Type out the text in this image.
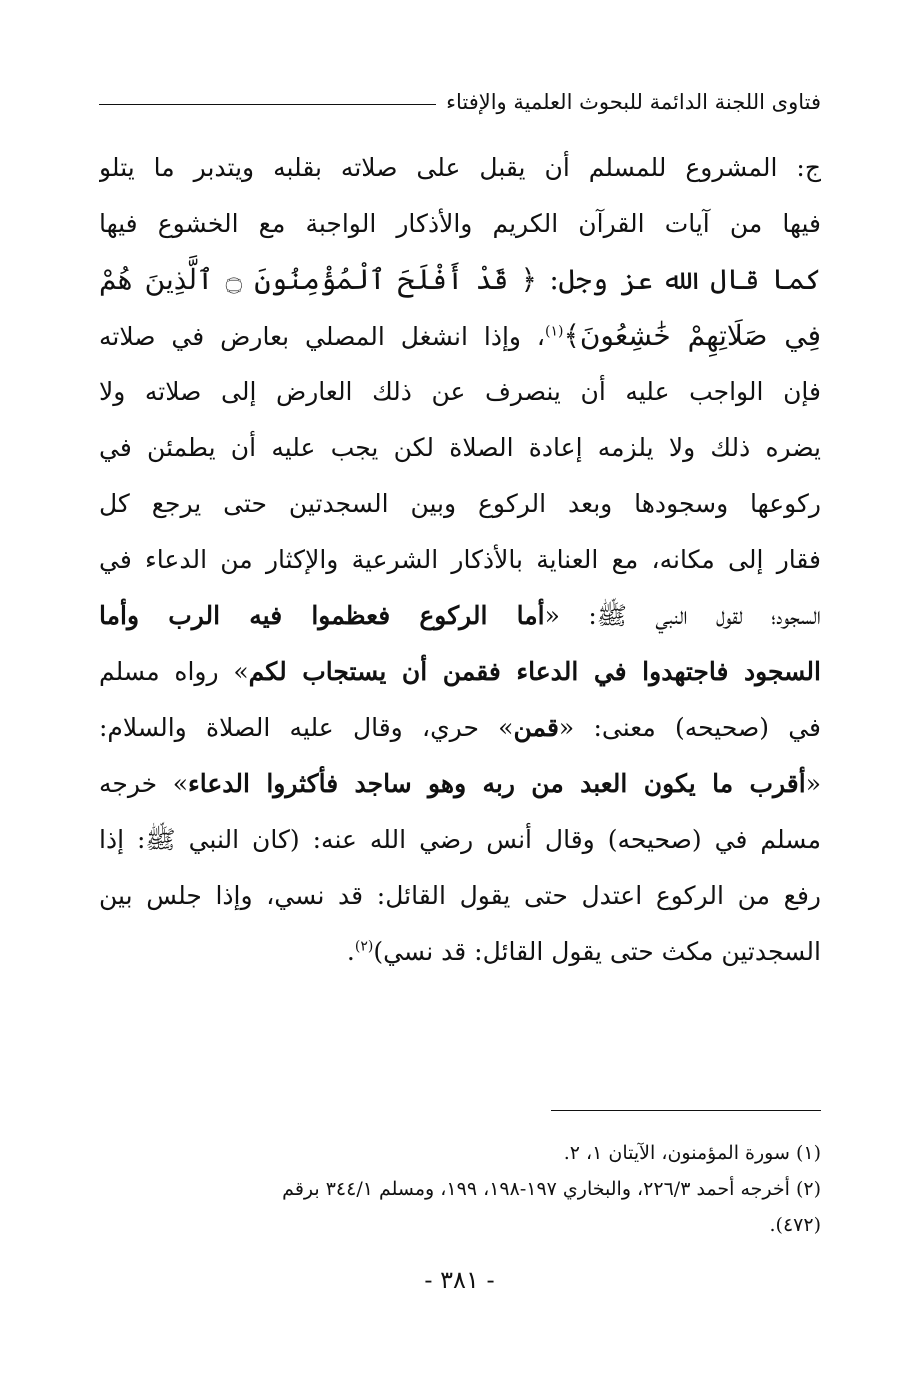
فتاوى اللجنة الدائمة للبحوث العلمية والإفتاء
ج: المشروع للمسلم أن يقبل على صلاته بقلبه ويتدبر ما يتلو
فيها من آيات القرآن الكريم والأذكار الواجبة مع الخشوع فيها
كما قال الله عز وجل: ﴿ قَدْ أَفْلَحَ ٱلْمُؤْمِنُونَ ۝ ٱلَّذِينَ هُمْ
فِي صَلَاتِهِمْ خَٰشِعُونَ﴾$^{(١)}$، وإذا انشغل المصلي بعارض في صلاته
فإن الواجب عليه أن ينصرف عن ذلك العارض إلى صلاته ولا
يضره ذلك ولا يلزمه إعادة الصلاة لكن يجب عليه أن يطمئن في
ركوعها وسجودها وبعد الركوع وبين السجدتين حتى يرجع كل
فقار إلى مكانه، مع العناية بالأذكار الشرعية والإكثار من الدعاء في
السجود؛ لقول النبي ﷺ: «أما الركوع فعظموا فيه الرب وأما
السجود فاجتهدوا في الدعاء فقمن أن يستجاب لكم» رواه مسلم
في (صحيحه) معنى: «قمن» حري، وقال عليه الصلاة والسلام:
«أقرب ما يكون العبد من ربه وهو ساجد فأكثروا الدعاء» خرجه
مسلم في (صحيحه) وقال أنس رضي الله عنه: (كان النبي ﷺ: إذا
رفع من الركوع اعتدل حتى يقول القائل: قد نسي، وإذا جلس بين
السجدتين مكث حتى يقول القائل: قد نسي)$^{(٢)}$.
(١) سورة المؤمنون، الآيتان ١، ٢.
(٢) أخرجه أحمد ٢٢٦/٣، والبخاري ١٩٧-١٩٨، ١٩٩، ومسلم ٣٤٤/١ برقم
(٤٧٢).
- ٣٨١ -
